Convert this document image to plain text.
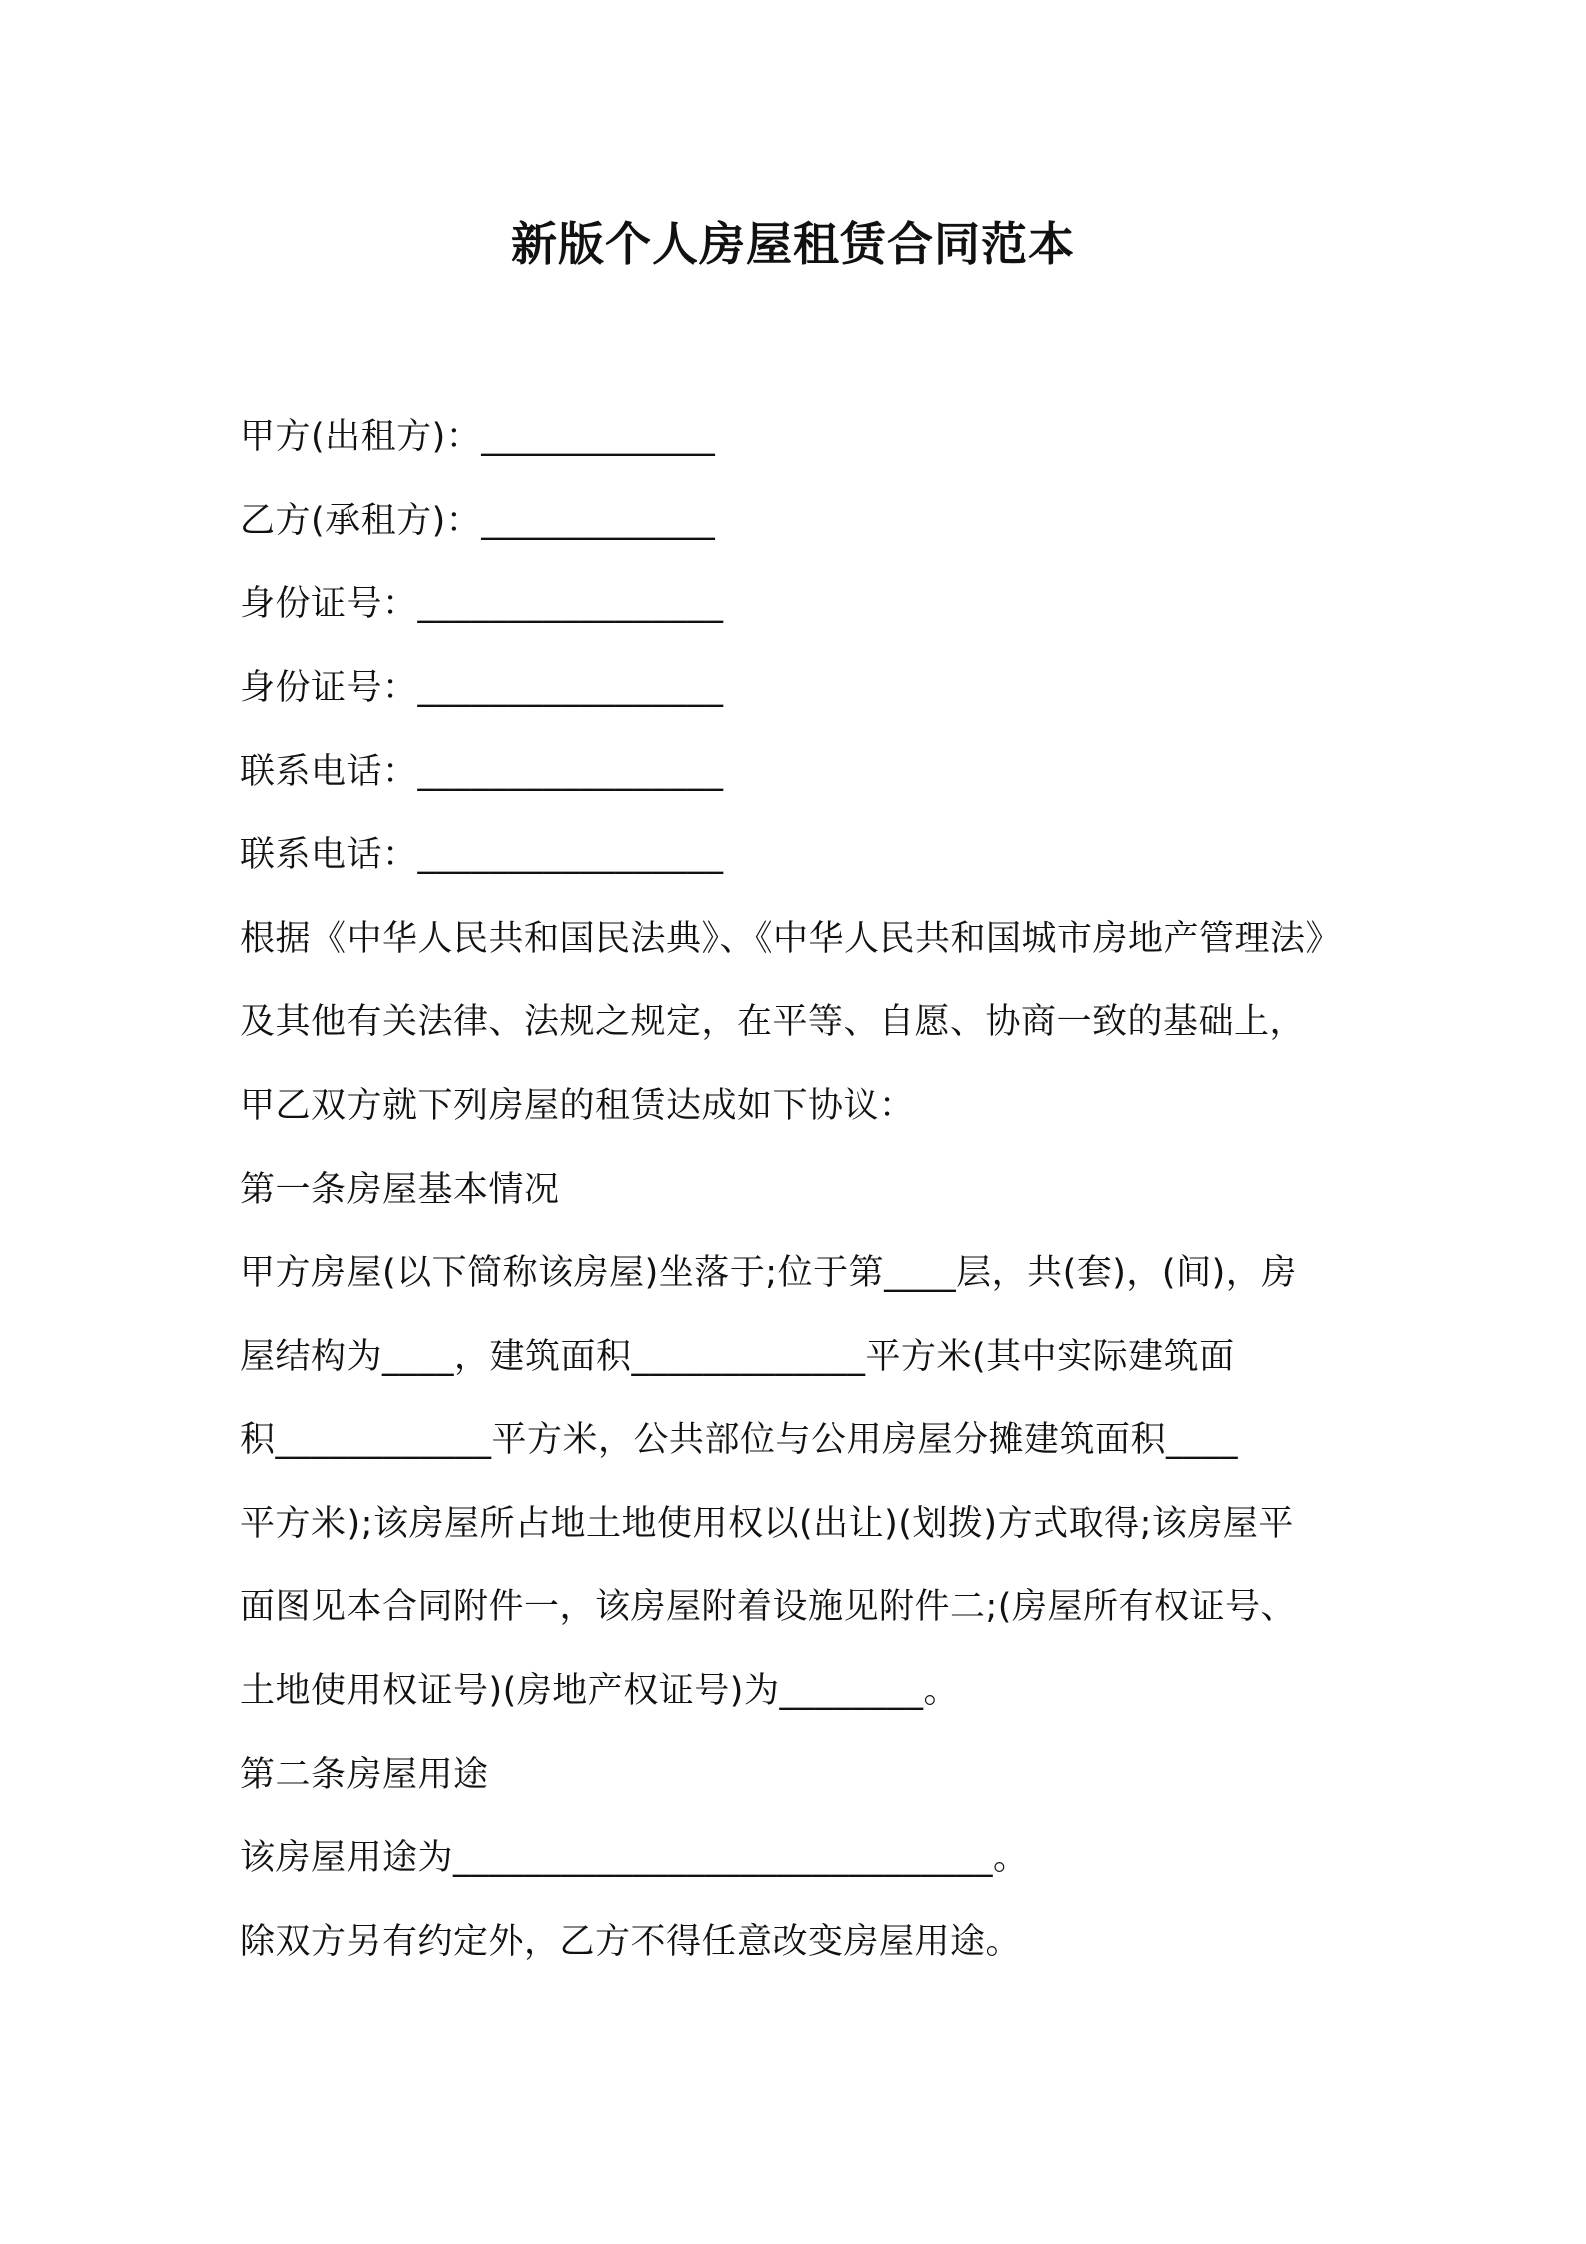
新版个人房屋租赁合同范本
甲方(出租方)：_____________
乙方(承租方)：_____________
身份证号：_________________
身份证号：_________________
联系电话：_________________
联系电话：_________________
根据《中华人民共和国民法典》、《中华人民共和国城市房地产管理法》
及其他有关法律、法规之规定，在平等、自愿、协商一致的基础上，
甲乙双方就下列房屋的租赁达成如下协议：
第一条房屋基本情况
甲方房屋(以下简称该房屋)坐落于;位于第____层，共(套)，(间)，房
屋结构为____，建筑面积_____________平方米(其中实际建筑面
积____________平方米，公共部位与公用房屋分摊建筑面积____
平方米);该房屋所占地土地使用权以(出让)(划拨)方式取得;该房屋平
面图见本合同附件一，该房屋附着设施见附件二;(房屋所有权证号、
土地使用权证号)(房地产权证号)为________。
第二条房屋用途
该房屋用途为______________________________。
除双方另有约定外，乙方不得任意改变房屋用途。
